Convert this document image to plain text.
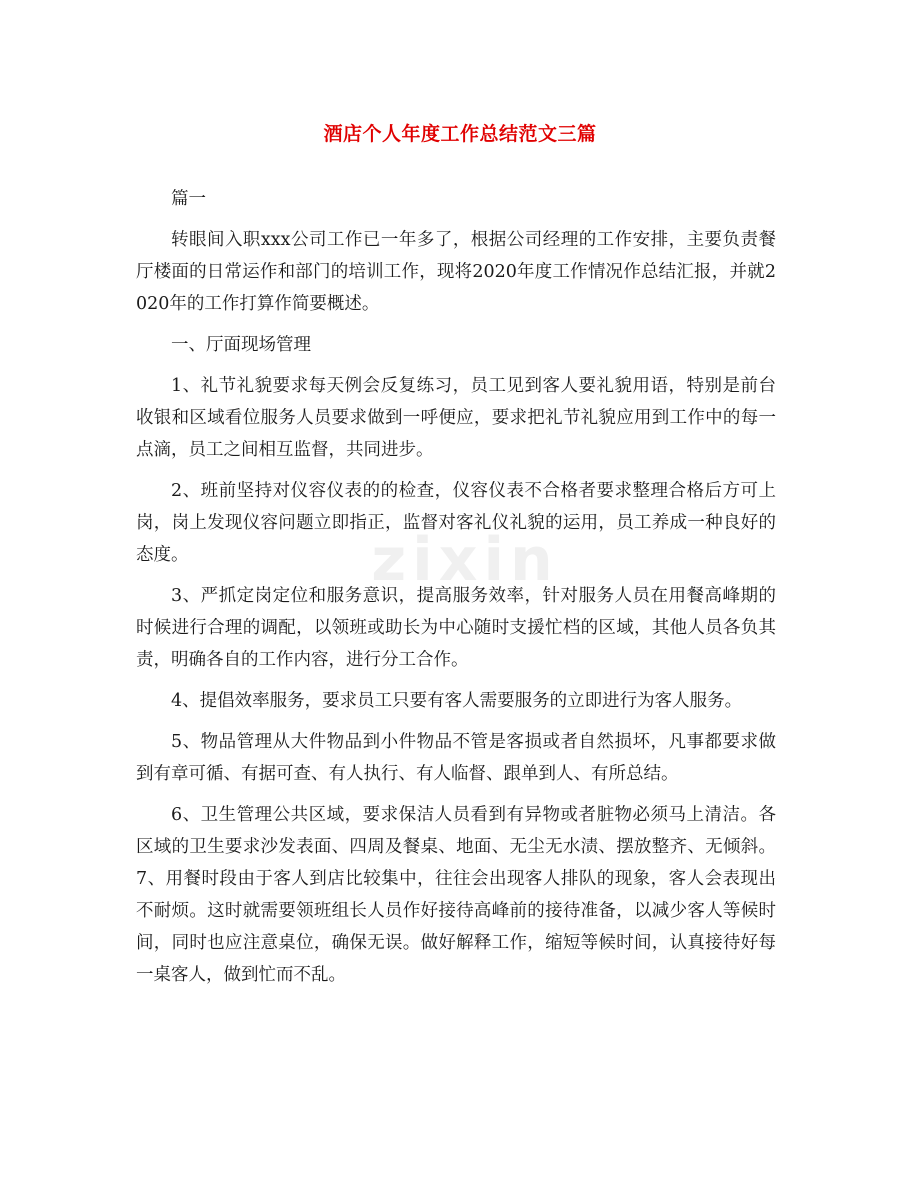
酒店个人年度工作总结范文三篇
zixin

篇一

转眼间入职xxx公司工作已一年多了，根据公司经理的工作安排，主要负责餐厅楼面的日常运作和部门的培训工作，现将2020年度工作情况作总结汇报，并就2020年的工作打算作简要概述。

一、厅面现场管理

1、礼节礼貌要求每天例会反复练习，员工见到客人要礼貌用语，特别是前台收银和区域看位服务人员要求做到一呼便应，要求把礼节礼貌应用到工作中的每一点滴，员工之间相互监督，共同进步。

2、班前坚持对仪容仪表的的检查，仪容仪表不合格者要求整理合格后方可上岗，岗上发现仪容问题立即指正，监督对客礼仪礼貌的运用，员工养成一种良好的态度。

3、严抓定岗定位和服务意识，提高服务效率，针对服务人员在用餐高峰期的时候进行合理的调配，以领班或助长为中心随时支援忙档的区域，其他人员各负其责，明确各自的工作内容，进行分工合作。

4、提倡效率服务，要求员工只要有客人需要服务的立即进行为客人服务。

5、物品管理从大件物品到小件物品不管是客损或者自然损坏，凡事都要求做到有章可循、有据可查、有人执行、有人临督、跟单到人、有所总结。

6、卫生管理公共区域，要求保洁人员看到有异物或者脏物必须马上清洁。各区域的卫生要求沙发表面、四周及餐桌、地面、无尘无水渍、摆放整齐、无倾斜。7、用餐时段由于客人到店比较集中，往往会出现客人排队的现象，客人会表现出不耐烦。这时就需要领班组长人员作好接待高峰前的接待准备，以减少客人等候时间，同时也应注意桌位，确保无误。做好解释工作，缩短等候时间，认真接待好每一桌客人，做到忙而不乱。
